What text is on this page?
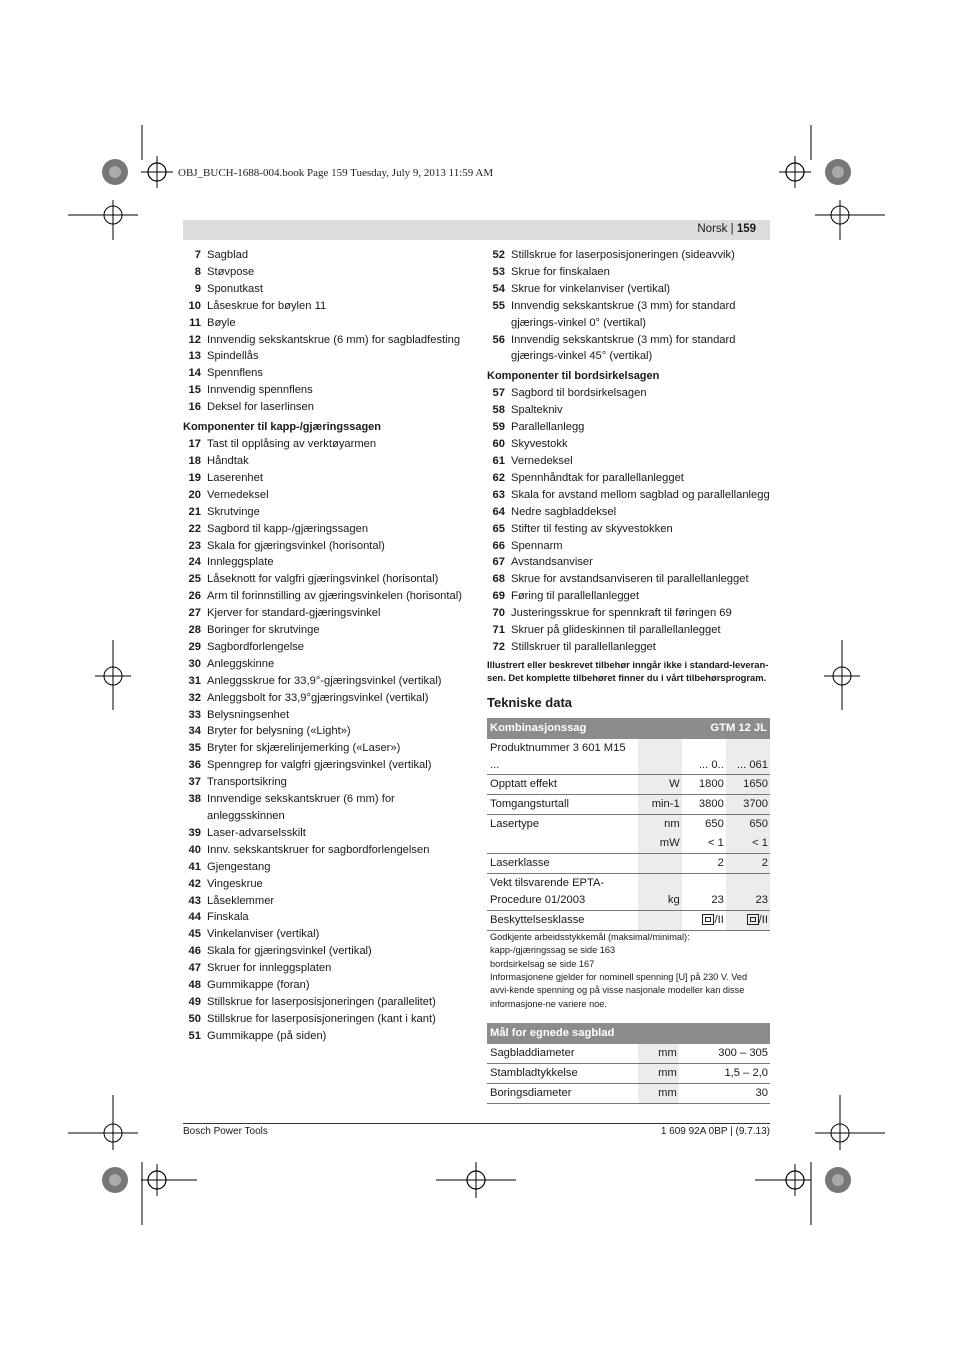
OBJ_BUCH-1688-004.book Page 159 Tuesday, July 9, 2013 11:59 AM
Norsk | 159
7 Sagblad
8 Støvpose
9 Sponutkast
10 Låseskrue for bøylen 11
11 Bøyle
12 Innvendig sekskantskrue (6 mm) for sagbladfesting
13 Spindellås
14 Spennflens
15 Innvendig spennflens
16 Deksel for laserlinsen
Komponenter til kapp-/gjæringssagen
17 Tast til opplåsing av verktøyarmen
18 Håndtak
19 Laserenhet
20 Vernedeksel
21 Skrutvinge
22 Sagbord til kapp-/gjæringssagen
23 Skala for gjæringsvinkel (horisontal)
24 Innleggsplate
25 Låseknott for valgfri gjæringsvinkel (horisontal)
26 Arm til forinnstilling av gjæringsvinkelen (horisontal)
27 Kjerver for standard-gjæringsvinkel
28 Boringer for skrutvinge
29 Sagbordforlengelse
30 Anleggskinne
31 Anleggsskrue for 33,9°-gjæringsvinkel (vertikal)
32 Anleggsbolt for 33,9°gjæringsvinkel (vertikal)
33 Belysningsenhet
34 Bryter for belysning («Light»)
35 Bryter for skjærelinjemerking («Laser»)
36 Spenngrep for valgfri gjæringsvinkel (vertikal)
37 Transportsikring
38 Innvendige sekskantskruer (6 mm) for anleggsskinnen
39 Laser-advarselsskilt
40 Innv. sekskantskruer for sagbordforlengelsen
41 Gjengestang
42 Vingeskrue
43 Låseklemmer
44 Finskala
45 Vinkelanviser (vertikal)
46 Skala for gjæringsvinkel (vertikal)
47 Skruer for innleggsplaten
48 Gummikappe (foran)
49 Stillskrue for laserposisjoneringen (parallelitet)
50 Stillskrue for laserposisjoneringen (kant i kant)
51 Gummikappe (på siden)
52 Stillskrue for laserposisjoneringen (sideavvik)
53 Skrue for finskalaen
54 Skrue for vinkelanviser (vertikal)
55 Innvendig sekskantskrue (3 mm) for standard gjærings-vinkel 0° (vertikal)
56 Innvendig sekskantskrue (3 mm) for standard gjærings-vinkel 45° (vertikal)
Komponenter til bordsirkelsagen
57 Sagbord til bordsirkelsagen
58 Spaltekniv
59 Parallellanlegg
60 Skyvestokk
61 Vernedeksel
62 Spennhåndtak for parallellanlegget
63 Skala for avstand mellom sagblad og parallellanlegg
64 Nedre sagbladdeksel
65 Stifter til festing av skyvestokken
66 Spennarm
67 Avstandsanviser
68 Skrue for avstandsanviseren til parallellanlegget
69 Føring til parallellanlegget
70 Justeringsskrue for spennkraft til føringen 69
71 Skruer på glideskinnen til parallellanlegget
72 Stillskruer til parallellanlegget
Illustrert eller beskrevet tilbehør inngår ikke i standard-leveran-sen. Det komplette tilbehøret finner du i vårt tilbehørsprogram.
Tekniske data
Kombinasjonssag		GTM 12 JL	
Produktnummer 3 601 M15 ...		... 0..	... 061
Opptatt effekt	W	1800	1650
Tomgangsturtall	min-1	3800	3700
Lasertype	nm	650	650
	mW	< 1	< 1
Laserklasse		2	2
Vekt tilsvarende EPTA-Procedure 01/2003	kg	23	23
Beskyttelsesklasse		/II	/II

Godkjente arbeidsstykkemål (maksimal/minimal):
kapp-/gjæringssag se side 163
bordsirkelsag se side 167
Informasjonene gjelder for nominell spenning [U] på 230 V. Ved avvi-kende spenning og på visse nasjonale modeller kan disse informasjone-ne variere noe.			
Mål for egnede sagblad		
Sagbladdiameter	mm	300 – 305
Stambladtykkelse	mm	1,5 – 2,0
Boringsdiameter	mm	30
Bosch Power Tools	1 609 92A 0BP | (9.7.13)
